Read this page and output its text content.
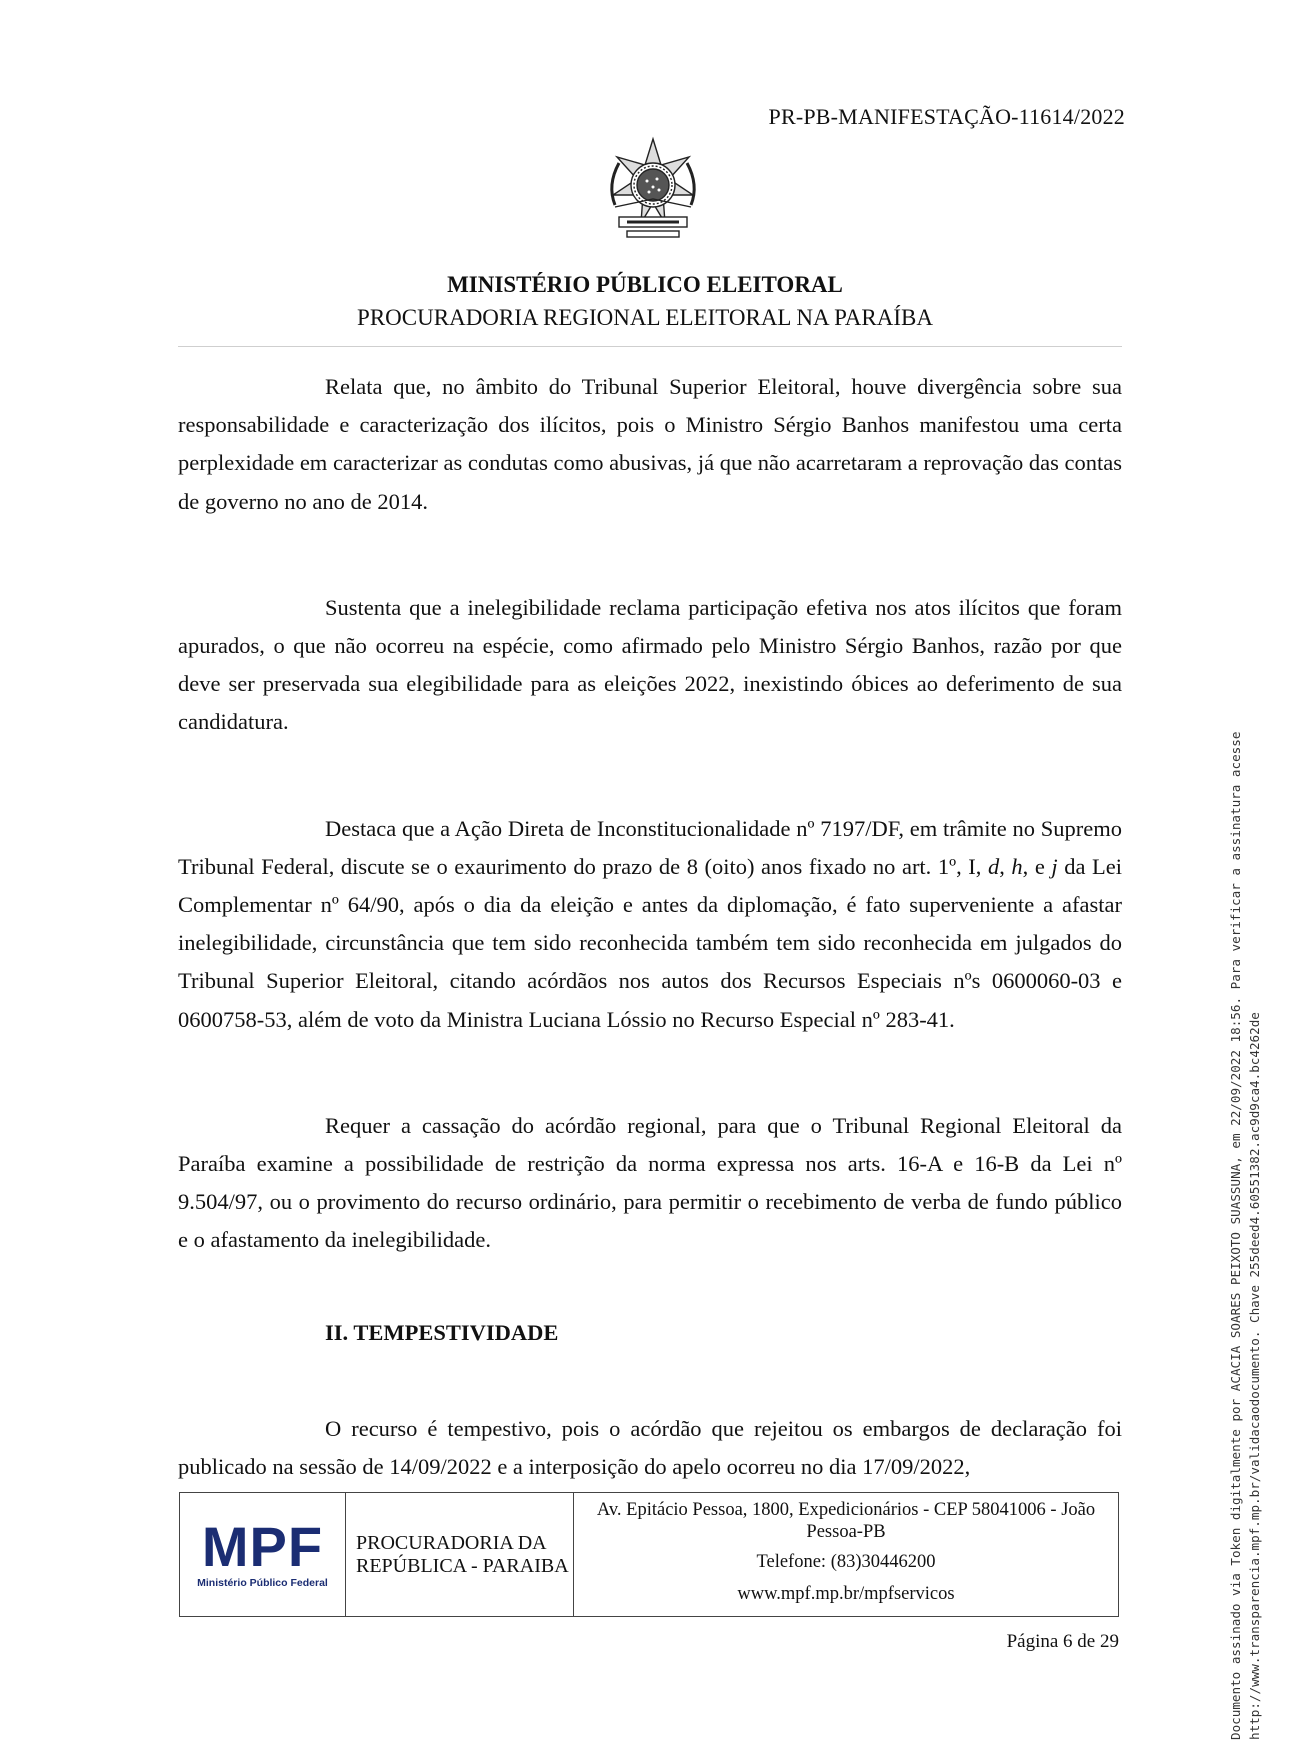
PR-PB-MANIFESTAÇÃO-11614/2022
MINISTÉRIO PÚBLICO ELEITORAL
PROCURADORIA REGIONAL ELEITORAL NA PARAÍBA

Relata que, no âmbito do Tribunal Superior Eleitoral, houve divergência sobre sua responsabilidade e caracterização dos ilícitos, pois o Ministro Sérgio Banhos manifestou uma certa perplexidade em caracterizar as condutas como abusivas, já que não acarretaram a reprovação das contas de governo no ano de 2014.

Sustenta que a inelegibilidade reclama participação efetiva nos atos ilícitos que foram apurados, o que não ocorreu na espécie, como afirmado pelo Ministro Sérgio Banhos, razão por que deve ser preservada sua elegibilidade para as eleições 2022, inexistindo óbices ao deferimento de sua candidatura.

Destaca que a Ação Direta de Inconstitucionalidade nº 7197/DF, em trâmite no Supremo Tribunal Federal, discute se o exaurimento do prazo de 8 (oito) anos fixado no art. 1º, I, d, h, e j da Lei Complementar nº 64/90, após o dia da eleição e antes da diplomação, é fato superveniente a afastar inelegibilidade, circunstância que tem sido reconhecida também tem sido reconhecida em julgados do Tribunal Superior Eleitoral, citando acórdãos nos autos dos Recursos Especiais nºs 0600060-03 e 0600758-53, além de voto da Ministra Luciana Lóssio no Recurso Especial nº 283-41.

Requer a cassação do acórdão regional, para que o Tribunal Regional Eleitoral da Paraíba examine a possibilidade de restrição da norma expressa nos arts. 16-A e 16-B da Lei nº 9.504/97, ou o provimento do recurso ordinário, para permitir o recebimento de verba de fundo público e o afastamento da inelegibilidade.

II. TEMPESTIVIDADE

O recurso é tempestivo, pois o acórdão que rejeitou os embargos de declaração foi publicado na sessão de 14/09/2022 e a interposição do apelo ocorreu no dia 17/09/2022,

MPF
Ministério Público Federal
PROCURADORIA DA REPÚBLICA - PARAIBA
Av. Epitácio Pessoa, 1800, Expedicionários - CEP 58041006 - João Pessoa-PB
Telefone: (83)30446200
www.mpf.mp.br/mpfservicos
Página 6 de 29	Documento assinado via Token digitalmente por ACACIA SOARES PEIXOTO SUASSUNA, em 22/09/2022 18:56. Para verificar a assinatura acesse http://www.transparencia.mpf.mp.br/validacaodocumento. Chave 255deed4.60551382.ac9d9ca4.bc4262de
